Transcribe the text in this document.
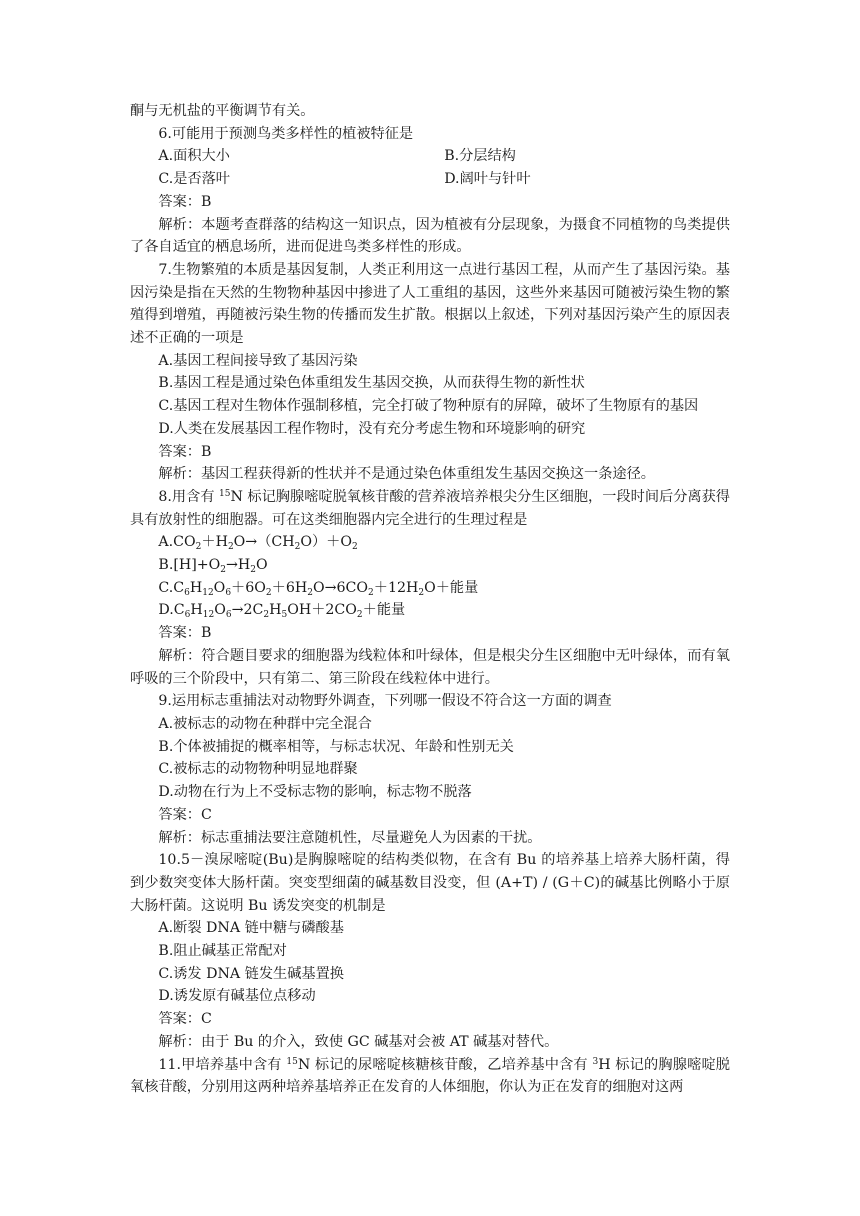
酮与无机盐的平衡调节有关。

6.可能用于预测鸟类多样性的植被特征是

A.面积大小	B.分层结构
C.是否落叶	D.阔叶与针叶

答案：B

解析：本题考查群落的结构这一知识点，因为植被有分层现象，为摄食不同植物的鸟类提供了各自适宜的栖息场所，进而促进鸟类多样性的形成。

7.生物繁殖的本质是基因复制，人类正利用这一点进行基因工程，从而产生了基因污染。基因污染是指在天然的生物物种基因中掺进了人工重组的基因，这些外来基因可随被污染生物的繁殖得到增殖，再随被污染生物的传播而发生扩散。根据以上叙述，下列对基因污染产生的原因表述不正确的一项是

A.基因工程间接导致了基因污染

B.基因工程是通过染色体重组发生基因交换，从而获得生物的新性状

C.基因工程对生物体作强制移植，完全打破了物种原有的屏障，破坏了生物原有的基因

D.人类在发展基因工程作物时，没有充分考虑生物和环境影响的研究

答案：B

解析：基因工程获得新的性状并不是通过染色体重组发生基因交换这一条途径。

8.用含有 $^{15}$N 标记胸腺嘧啶脱氧核苷酸的营养液培养根尖分生区细胞，一段时间后分离获得具有放射性的细胞器。可在这类细胞器内完全进行的生理过程是

$A.CO_2+H_2O\to(CH_2O)+O_2$

$B.[H]+O_2\to H_2O$

$C.C_6H_{12}O_6+6O_2+6H_2O\to 6CO_2+12H_2O+$能量

$D.C_6H_{12}O_6\to 2C_2H_5OH+2CO_2+$能量

答案：B

解析：符合题目要求的细胞器为线粒体和叶绿体，但是根尖分生区细胞中无叶绿体，而有氧呼吸的三个阶段中，只有第二、第三阶段在线粒体中进行。

9.运用标志重捕法对动物野外调查，下列哪一假设不符合这一方面的调查

A.被标志的动物在种群中完全混合

B.个体被捕捉的概率相等，与标志状况、年龄和性别无关

C.被标志的动物物种明显地群聚

D.动物在行为上不受标志物的影响，标志物不脱落

答案：C

解析：标志重捕法要注意随机性，尽量避免人为因素的干扰。

10.5－溴尿嘧啶(Bu)是胸腺嘧啶的结构类似物，在含有 Bu 的培养基上培养大肠杆菌，得到少数突变体大肠杆菌。突变型细菌的碱基数目没变，但 (A+T) / (G＋C)的碱基比例略小于原大肠杆菌。这说明 Bu 诱发突变的机制是

A.断裂 DNA 链中糖与磷酸基

B.阻止碱基正常配对

C.诱发 DNA 链发生碱基置换

D.诱发原有碱基位点移动

答案：C

解析：由于 Bu 的介入，致使 GC 碱基对会被 AT 碱基对替代。

11.甲培养基中含有 $^{15}$N 标记的尿嘧啶核糖核苷酸，乙培养基中含有 $^3$H 标记的胸腺嘧啶脱氧核苷酸，分别用这两种培养基培养正在发育的人体细胞，你认为正在发育的细胞对这两
